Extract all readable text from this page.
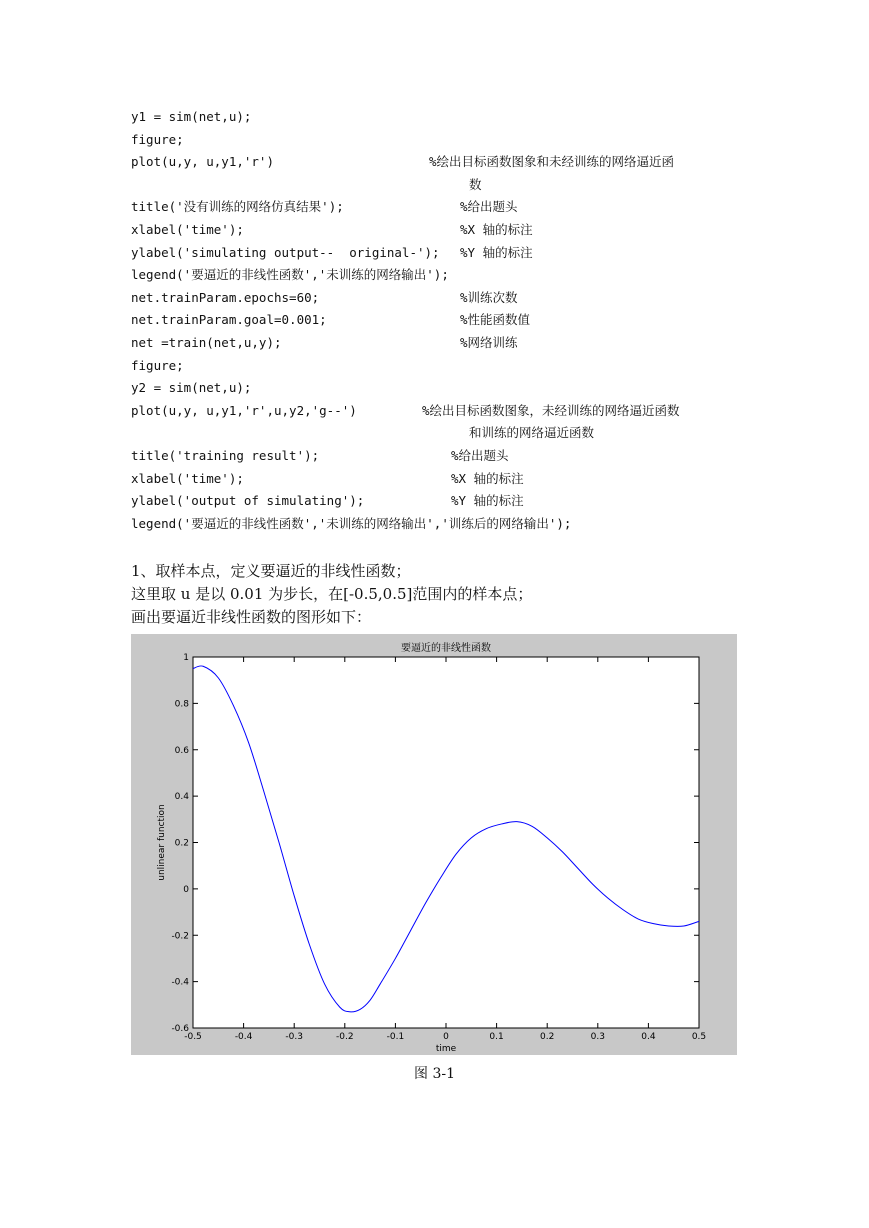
y1 = sim(net,u);
figure;
plot(u,y, u,y1,'r')	%绘出目标函数图象和未经训练的网络逼近函
数
title('没有训练的网络仿真结果');	%给出题头
xlabel('time');	%X 轴的标注
ylabel('simulating output--  original-'); %Y 轴的标注
legend('要逼近的非线性函数','未训练的网络输出');
net.trainParam.epochs=60;	%训练次数
net.trainParam.goal=0.001;	%性能函数值
net =train(net,u,y);	%网络训练
figure;
y2 = sim(net,u);
plot(u,y, u,y1,'r',u,y2,'g--')	%绘出目标函数图象，未经训练的网络逼近函数
和训练的网络逼近函数
title('training result');	%给出题头
xlabel('time');	%X 轴的标注
ylabel('output of simulating');	%Y 轴的标注
legend('要逼近的非线性函数','未训练的网络输出','训练后的网络输出');
1、取样本点，定义要逼近的非线性函数；
这里取 u 是以 0.01 为步长，在[-0.5,0.5]范围内的样本点；
画出要逼近非线性函数的图形如下：
-0.5	-0.4	-0.3	-0.2	-0.1	0	0.1	0.2	0.3	0.4	0.5
-0.6
-0.4
-0.2
0
0.2
0.4
0.6
0.8
1
要逼近的非线性函数
time
unlinear function
图 3-1
